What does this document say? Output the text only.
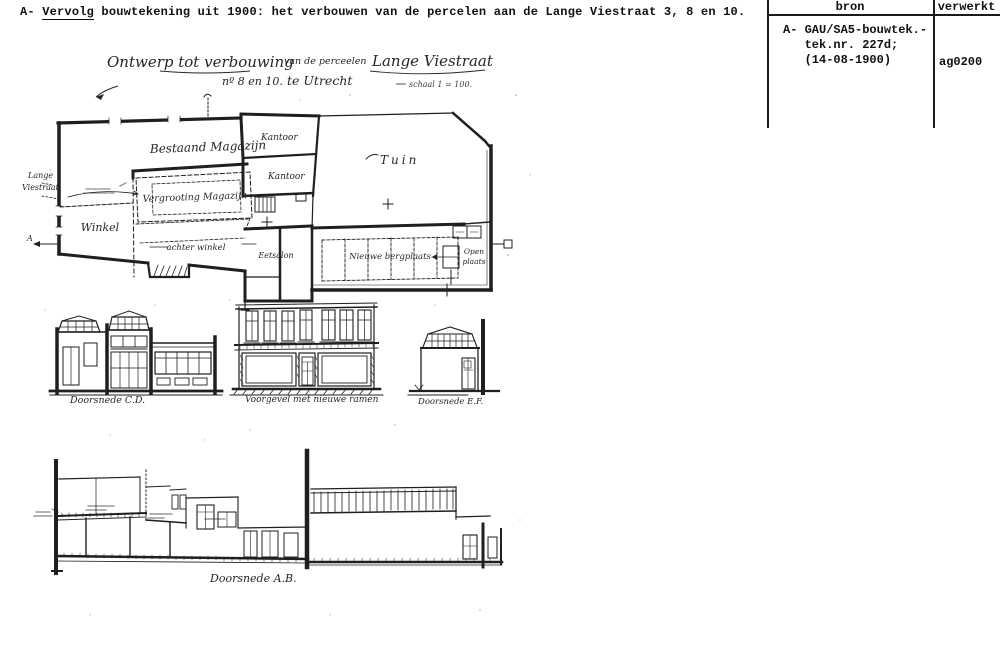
A- Vervolg bouwtekening uit 1900: het verbouwen van de percelen aan de Lange Viestraat 3, 8 en 10.	bron	verwerkt
A- GAU/SA5-bouwtek.-
tek.nr. 227d;
(14-08-1900)	ag0200
Ontwerp tot verbouwing
van de perceelen Lange Viestraat
nº 8 en 10. te Utrecht	schaal 1 = 100.
Bestaand Magazijn
Kantoor
Kantoor
Tuin
Vergrooting Magazijn
Winkel
achter winkel
Eetsalon	Nieuwe bergplaats
Open
plaats
Lange
Viestraat
A
Doorsnede C.D.	Voorgevel met nieuwe ramen	Doorsnede E.F.
Doorsnede A.B.
